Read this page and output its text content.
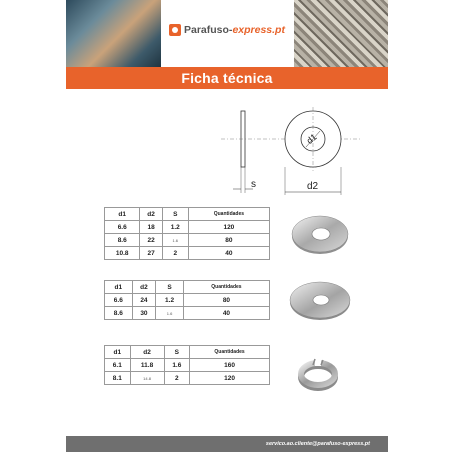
Parafuso-express.pt
Ficha técnica
s
d1
d2
d1	d2	S	Quantidades
6.6	18	1.2	120
8.6	22	1.6	80
10.8	27	2	40
d1	d2	S	Quantidades
6.6	24	1.2	80
8.6	30	1.6	40
d1	d2	S	Quantidades
6.1	11.8	1.6	160
8.1	14.8	2	120
servico.ao.cliente@parafuso-express.pt
